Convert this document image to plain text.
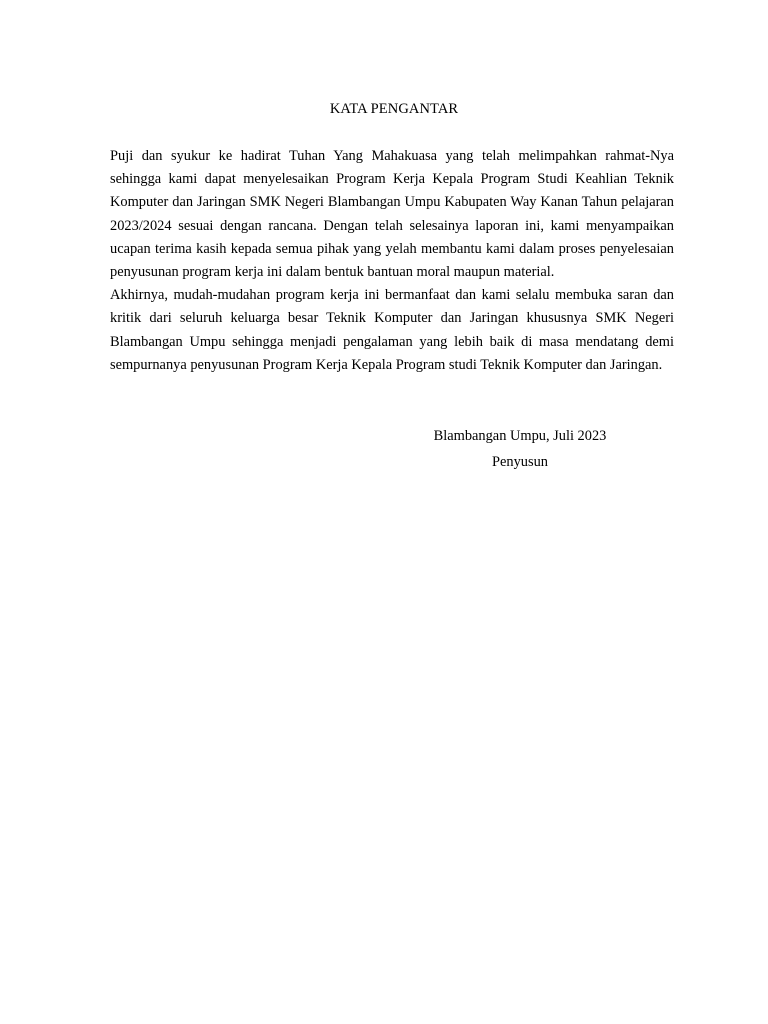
KATA PENGANTAR

Puji dan syukur ke hadirat Tuhan Yang Mahakuasa yang telah melimpahkan rahmat-Nya sehingga kami dapat menyelesaikan Program Kerja Kepala Program Studi Keahlian Teknik Komputer dan Jaringan SMK Negeri Blambangan Umpu Kabupaten Way Kanan Tahun pelajaran 2023/2024 sesuai dengan rancana. Dengan telah selesainya laporan ini, kami menyampaikan ucapan terima kasih kepada semua pihak yang yelah membantu kami dalam proses penyelesaian penyusunan program kerja ini dalam bentuk bantuan moral maupun material.

Akhirnya, mudah-mudahan program kerja ini bermanfaat dan kami selalu membuka saran dan kritik dari seluruh keluarga besar Teknik Komputer dan Jaringan khususnya SMK Negeri Blambangan Umpu sehingga menjadi pengalaman yang lebih baik di masa mendatang demi sempurnanya penyusunan Program Kerja Kepala Program studi Teknik Komputer dan Jaringan.

Blambangan Umpu, Juli 2023
Penyusun
